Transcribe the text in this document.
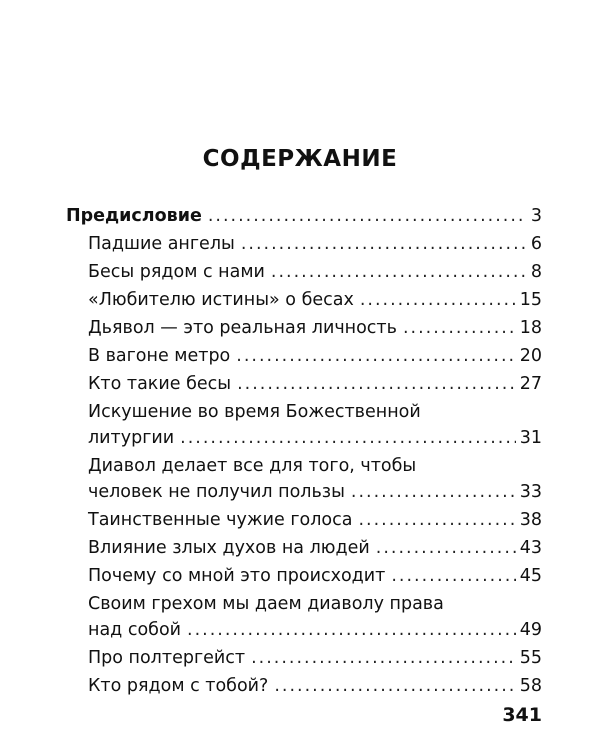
СОДЕРЖАНИЕ
Предисловие .....	3
Падшие ангелы .....	6
Бесы рядом с нами .....	8
«Любителю истины» о бесах .....	15
Дьявол — это реальная личность .....	18
В вагоне метро .....	20
Кто такие бесы .....	27
Искушение во время Божественной
литургии .....	31
Диавол делает все для того, чтобы
человек не получил пользы .....	33
Таинственные чужие голоса .....	38
Влияние злых духов на людей .....	43
Почему со мной это происходит .....	45
Своим грехом мы даем диаволу права
над собой .....	49
Про полтергейст .....	55
Кто рядом с тобой? .....	58
341
